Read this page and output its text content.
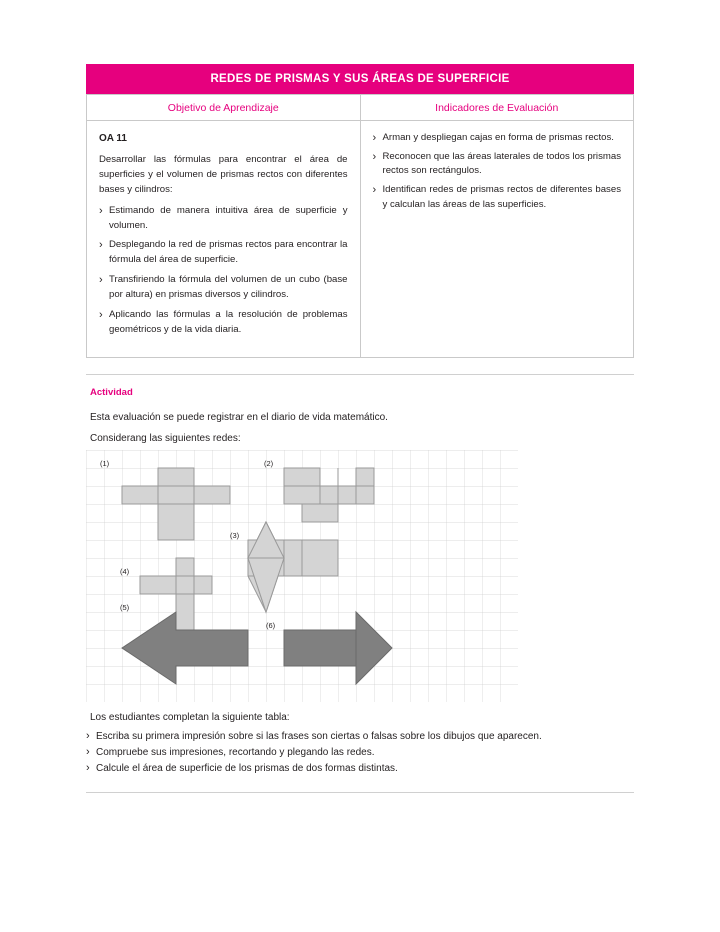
REDES DE PRISMAS Y SUS ÁREAS DE SUPERFICIE
Objetivo de Aprendizaje	Indicadores de Evaluación

OA 11
Desarrollar las fórmulas para encontrar el área de superficies y el volumen de prismas rectos con diferentes bases y cilindros:
› Estimando de manera intuitiva área de superficie y volumen.
› Desplegando la red de prismas rectos para encontrar la fórmula del área de superficie.
› Transfiriendo la fórmula del volumen de un cubo (base por altura) en prismas diversos y cilindros.
› Aplicando las fórmulas a la resolución de problemas geométricos y de la vida diaria.

› Arman y despliegan cajas en forma de prismas rectos.
› Reconocen que las áreas laterales de todos los prismas rectos son rectángulos.
› Identifican redes de prismas rectos de diferentes bases y calculan las áreas de las superficies.
Actividad
Esta evaluación se puede registrar en el diario de vida matemático.
Considerang las siguientes redes:
(1)	(2)
(3)
(4)
(5)
(6)
Los estudiantes completan la siguiente tabla:
› Escriba su primera impresión sobre si las frases son ciertas o falsas sobre los dibujos que aparecen.
› Compruebe sus impresiones, recortando y plegando las redes.
› Calcule el área de superficie de los prismas de dos formas distintas.
